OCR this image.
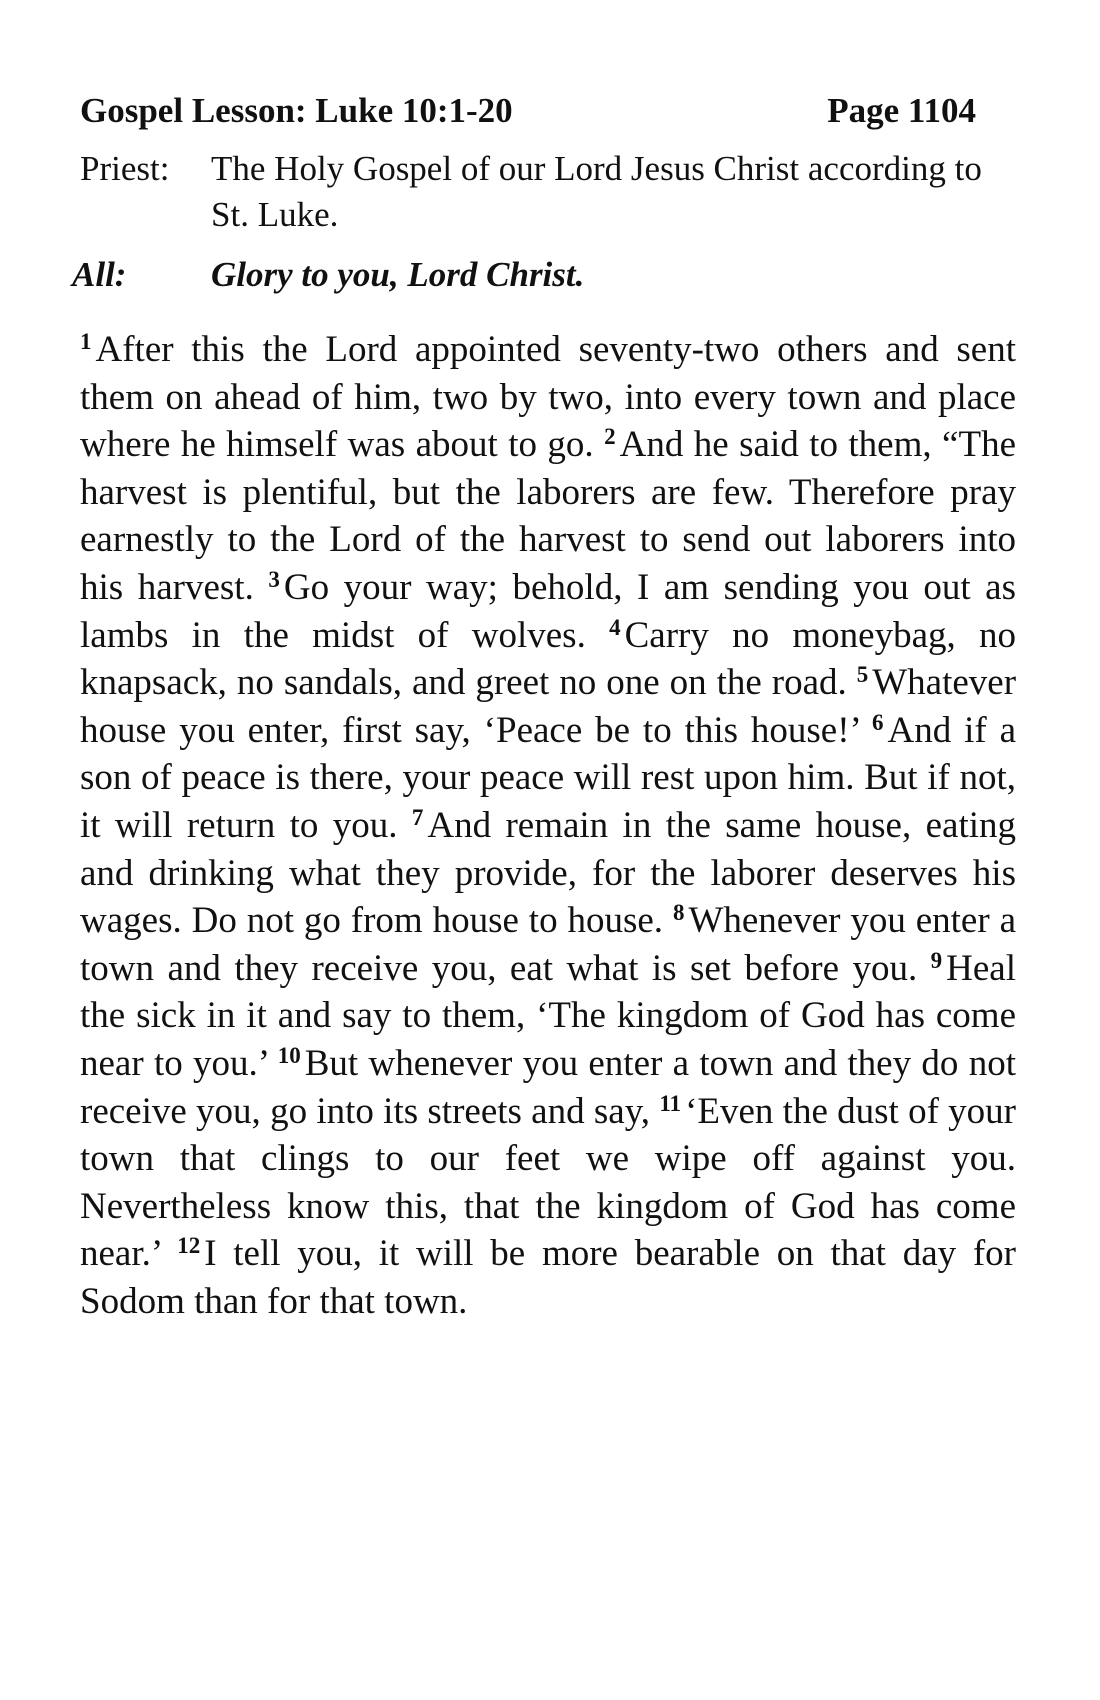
Gospel Lesson: Luke 10:1-20	Page 1104
Priest:	The Holy Gospel of our Lord Jesus Christ according to St. Luke.
All:	Glory to you, Lord Christ.
$^1$ After this the Lord appointed seventy-two others and sent them on ahead of him, two by two, into every town and place where he himself was about to go. $^2$ And he said to them, “The harvest is plentiful, but the laborers are few. Therefore pray earnestly to the Lord of the harvest to send out laborers into his harvest. $^3$ Go your way; behold, I am sending you out as lambs in the midst of wolves. $^4$ Carry no moneybag, no knapsack, no sandals, and greet no one on the road. $^5$ Whatever house you enter, first say, ‘Peace be to this house!’ $^6$ And if a son of peace is there, your peace will rest upon him. But if not, it will return to you. $^7$ And remain in the same house, eating and drinking what they provide, for the laborer deserves his wages. Do not go from house to house. $^8$ Whenever you enter a town and they receive you, eat what is set before you. $^9$ Heal the sick in it and say to them, ‘The kingdom of God has come near to you.’ $^{10}$ But whenever you enter a town and they do not receive you, go into its streets and say, $^{11}$ ‘Even the dust of your town that clings to our feet we wipe off against you. Nevertheless know this, that the kingdom of God has come near.’ $^{12}$ I tell you, it will be more bearable on that day for Sodom than for that town.
